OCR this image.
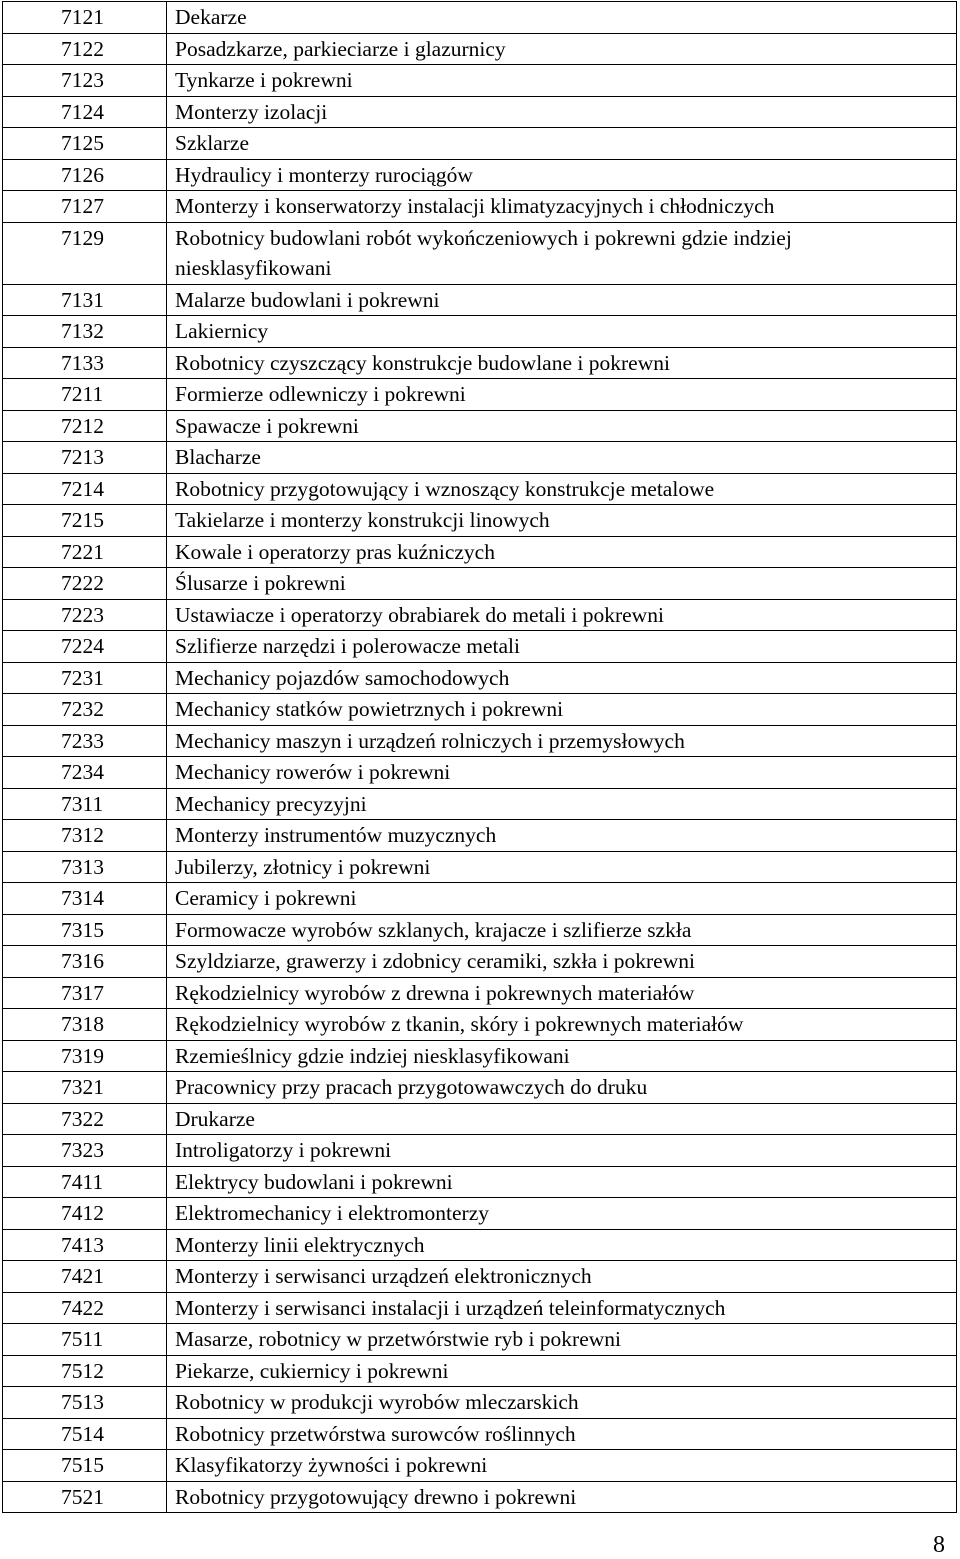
7121	Dekarze
7122	Posadzkarze, parkieciarze i glazurnicy
7123	Tynkarze i pokrewni
7124	Monterzy izolacji
7125	Szklarze
7126	Hydraulicy i monterzy rurociągów
7127	Monterzy i konserwatorzy instalacji klimatyzacyjnych i chłodniczych
7129	Robotnicy budowlani robót wykończeniowych i pokrewni gdzie indziej niesklasyfikowani
7131	Malarze budowlani i pokrewni
7132	Lakiernicy
7133	Robotnicy czyszczący konstrukcje budowlane i pokrewni
7211	Formierze odlewniczy i pokrewni
7212	Spawacze i pokrewni
7213	Blacharze
7214	Robotnicy przygotowujący i wznoszący konstrukcje metalowe
7215	Takielarze i monterzy konstrukcji linowych
7221	Kowale i operatorzy pras kuźniczych
7222	Ślusarze i pokrewni
7223	Ustawiacze i operatorzy obrabiarek do metali i pokrewni
7224	Szlifierze narzędzi i polerowacze metali
7231	Mechanicy pojazdów samochodowych
7232	Mechanicy statków powietrznych i pokrewni
7233	Mechanicy maszyn i urządzeń rolniczych i przemysłowych
7234	Mechanicy rowerów i pokrewni
7311	Mechanicy precyzyjni
7312	Monterzy instrumentów muzycznych
7313	Jubilerzy, złotnicy i pokrewni
7314	Ceramicy i pokrewni
7315	Formowacze wyrobów szklanych, krajacze i szlifierze szkła
7316	Szyldziarze, grawerzy i zdobnicy ceramiki, szkła i pokrewni
7317	Rękodzielnicy wyrobów z drewna i pokrewnych materiałów
7318	Rękodzielnicy wyrobów z tkanin, skóry i pokrewnych materiałów
7319	Rzemieślnicy gdzie indziej niesklasyfikowani
7321	Pracownicy przy pracach przygotowawczych do druku
7322	Drukarze
7323	Introligatorzy i pokrewni
7411	Elektrycy budowlani i pokrewni
7412	Elektromechanicy i elektromonterzy
7413	Monterzy linii elektrycznych
7421	Monterzy i serwisanci urządzeń elektronicznych
7422	Monterzy i serwisanci instalacji i urządzeń teleinformatycznych
7511	Masarze, robotnicy w przetwórstwie ryb i pokrewni
7512	Piekarze, cukiernicy i pokrewni
7513	Robotnicy w produkcji wyrobów mleczarskich
7514	Robotnicy przetwórstwa surowców roślinnych
7515	Klasyfikatorzy żywności i pokrewni
7521	Robotnicy przygotowujący drewno i pokrewni
8
